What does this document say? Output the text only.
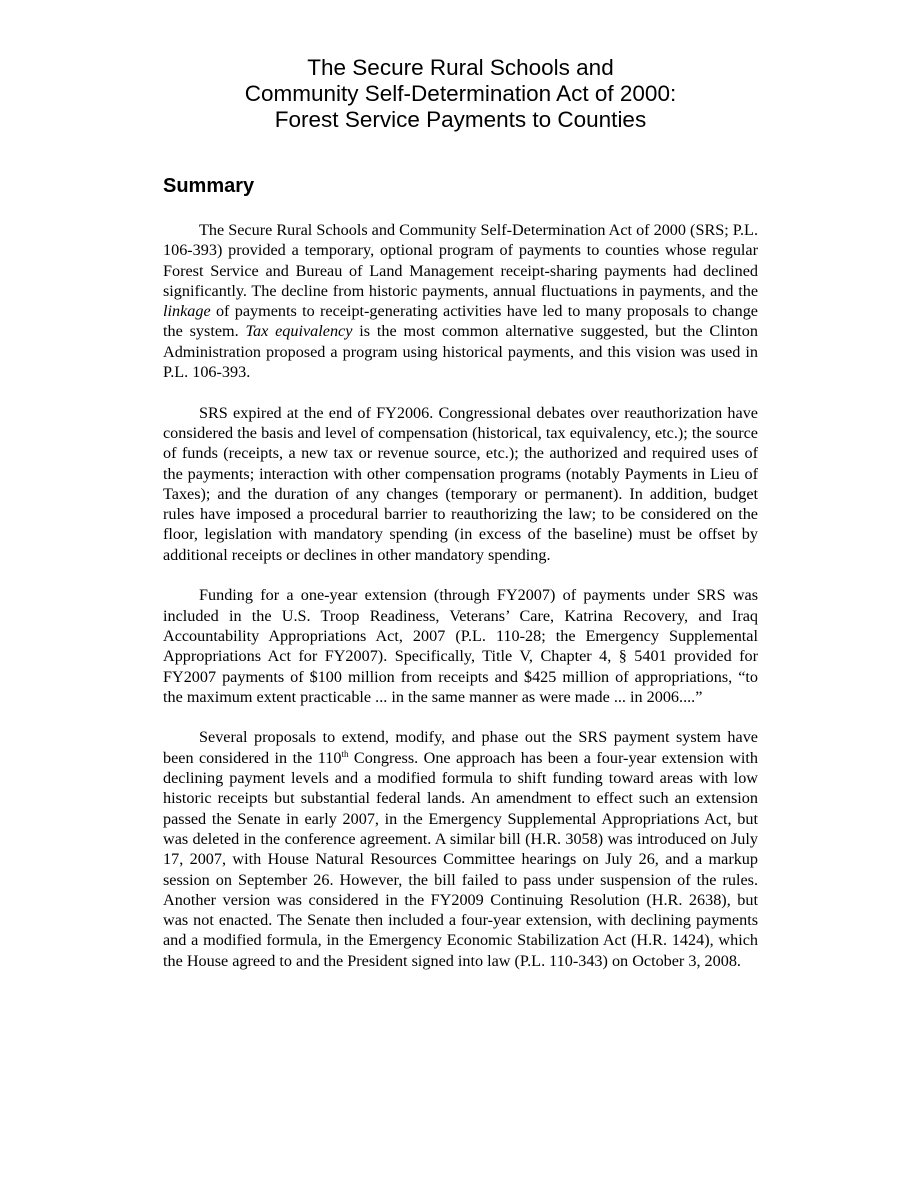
The Secure Rural Schools and
Community Self-Determination Act of 2000:
Forest Service Payments to Counties
Summary

The Secure Rural Schools and Community Self-Determination Act of 2000 (SRS; P.L. 106-393) provided a temporary, optional program of payments to counties whose regular Forest Service and Bureau of Land Management receipt-sharing payments had declined significantly. The decline from historic payments, annual fluctuations in payments, and the linkage of payments to receipt-generating activities have led to many proposals to change the system. Tax equivalency is the most common alternative suggested, but the Clinton Administration proposed a program using historical payments, and this vision was used in P.L. 106-393.

SRS expired at the end of FY2006. Congressional debates over reauthorization have considered the basis and level of compensation (historical, tax equivalency, etc.); the source of funds (receipts, a new tax or revenue source, etc.); the authorized and required uses of the payments; interaction with other compensation programs (notably Payments in Lieu of Taxes); and the duration of any changes (temporary or permanent). In addition, budget rules have imposed a procedural barrier to reauthorizing the law; to be considered on the floor, legislation with mandatory spending (in excess of the baseline) must be offset by additional receipts or declines in other mandatory spending.

Funding for a one-year extension (through FY2007) of payments under SRS was included in the U.S. Troop Readiness, Veterans’ Care, Katrina Recovery, and Iraq Accountability Appropriations Act, 2007 (P.L. 110-28; the Emergency Supplemental Appropriations Act for FY2007). Specifically, Title V, Chapter 4, § 5401 provided for FY2007 payments of $100 million from receipts and $425 million of appropriations, “to the maximum extent practicable ... in the same manner as were made ... in 2006....”

Several proposals to extend, modify, and phase out the SRS payment system have been considered in the 110th Congress. One approach has been a four-year extension with declining payment levels and a modified formula to shift funding toward areas with low historic receipts but substantial federal lands. An amendment to effect such an extension passed the Senate in early 2007, in the Emergency Supplemental Appropriations Act, but was deleted in the conference agreement. A similar bill (H.R. 3058) was introduced on July 17, 2007, with House Natural Resources Committee hearings on July 26, and a markup session on September 26. However, the bill failed to pass under suspension of the rules. Another version was considered in the FY2009 Continuing Resolution (H.R. 2638), but was not enacted. The Senate then included a four-year extension, with declining payments and a modified formula, in the Emergency Economic Stabilization Act (H.R. 1424), which the House agreed to and the President signed into law (P.L. 110-343) on October 3, 2008.
